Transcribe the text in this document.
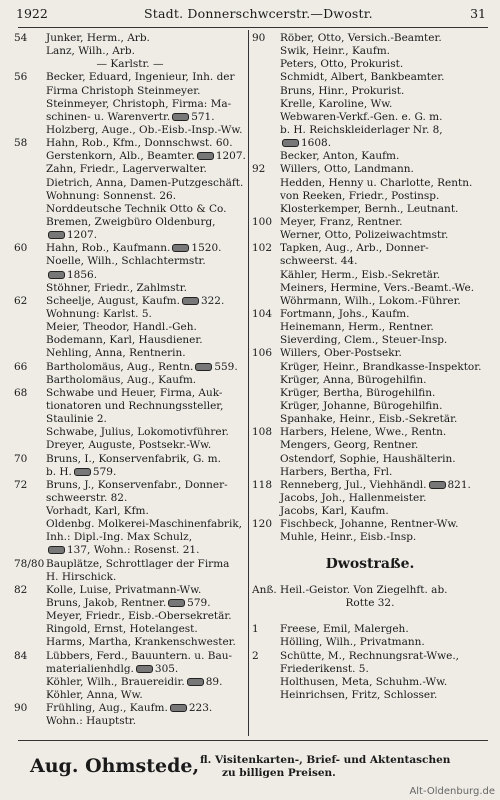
1922	Stadt. Donnerschwcerstr.—Dwostr.	31
54 Junker, Herm., Arb.
Lanz, Wilh., Arb.
— Karlstr. —
56 Becker, Eduard, Ingenieur, Inh. der
Firma Christoph Steinmeyer.
Steinmeyer, Christoph, Firma: Ma-
schinen- u. Warenvertr. 571.
Holzberg, Auge., Ob.-Eisb.-Insp.-Ww.
58 Hahn, Rob., Kfm., Donnschwst. 60.
Gerstenkorn, Alb., Beamter. 1207.
Zahn, Friedr., Lagerverwalter.
Dietrich, Anna, Damen-Putzgeschäft.
Wohnung: Sonnenst. 26.
Norddeutsche Technik Otto & Co.
Bremen, Zweigbüro Oldenburg,
1207.
60 Hahn, Rob., Kaufmann. 1520.
Noelle, Wilh., Schlachtermstr.
1856.
Stöhner, Friedr., Zahlmstr.
62 Scheelje, August, Kaufm. 322.
Wohnung: Karlst. 5.
Meier, Theodor, Handl.-Geh.
Bodemann, Karl, Hausdiener.
Nehling, Anna, Rentnerin.
66 Bartholomäus, Aug., Rentn. 559.
Bartholomäus, Aug., Kaufm.
68 Schwabe und Heuer, Firma, Auk-
tionatoren und Rechnungssteller,
Staulinie 2.
Schwabe, Julius, Lokomotivführer.
Dreyer, Auguste, Postsekr.-Ww.
70 Bruns, I., Konservenfabrik, G. m.
b. H. 579.
72 Bruns, J., Konservenfabr., Donner-
schweerstr. 82.
Vorhadt, Karl, Kfm.
Oldenbg. Molkerei-Maschinenfabrik,
Inh.: Dipl.-Ing. Max Schulz,
137, Wohn.: Rosenst. 21.
78/80 Bauplätze, Schrottlager der Firma
H. Hirschick.
82 Kolle, Luise, Privatmann-Ww.
Bruns, Jakob, Rentner. 579.
Meyer, Friedr., Eisb.-Obersekretär.
Ringold, Ernst, Hotelangest.
Harms, Martha, Krankenschwester.
84 Lübbers, Ferd., Bauuntern. u. Bau-
materialienhdlg. 305.
Köhler, Wilh., Brauereidir. 89.
Köhler, Anna, Ww.
90 Frühling, Aug., Kaufm. 223.
Wohn.: Hauptstr.
90 Röber, Otto, Versich.-Beamter.
Swik, Heinr., Kaufm.
Peters, Otto, Prokurist.
Schmidt, Albert, Bankbeamter.
Bruns, Hinr., Prokurist.
Krelle, Karoline, Ww.
Webwaren-Verkf.-Gen. e. G. m.
b. H. Reichskleiderlager Nr. 8,
1608.
Becker, Anton, Kaufm.
92 Willers, Otto, Landmann.
Hedden, Henny u. Charlotte, Rentn.
von Reeken, Friedr., Postinsp.
Klosterkemper, Bernh., Leutnant.
100 Meyer, Franz, Rentner.
Werner, Otto, Polizeiwachtmstr.
102 Tapken, Aug., Arb., Donner-
schweerst. 44.
Kähler, Herm., Eisb.-Sekretär.
Meiners, Hermine, Vers.-Beamt.-We.
Wöhrmann, Wilh., Lokom.-Führer.
104 Fortmann, Johs., Kaufm.
Heinemann, Herm., Rentner.
Sieverding, Clem., Steuer-Insp.
106 Willers, Ober-Postsekr.
Krüger, Heinr., Brandkasse-Inspektor.
Krüger, Anna, Bürogehilfin.
Krüger, Bertha, Bürogehilfin.
Krüger, Johanne, Bürogehilfin.
Spanhake, Heinr., Eisb.-Sekretär.
108 Harbers, Helene, Wwe., Rentn.
Mengers, Georg, Rentner.
Ostendorf, Sophie, Haushälterin.
Harbers, Bertha, Frl.
118 Renneberg, Jul., Viehhändl. 821.
Jacobs, Joh., Hallenmeister.
Jacobs, Karl, Kaufm.
120 Fischbeck, Johanne, Rentner-Ww.
Muhle, Heinr., Eisb.-Insp.
Dwostraße.
Anß. Heil.-Geistor. Von Ziegelhft. ab.
Rotte 32.
1 Freese, Emil, Malergeh.
Hölling, Wilh., Privatmann.
2 Schütte, M., Rechnungsrat-Wwe.,
Friederikenst. 5.
Holthusen, Meta, Schuhm.-Ww.
Heinrichsen, Fritz, Schlosser.
Aug. Ohmstede, fl. Visitenkarten-, Brief- und Aktentaschen
zu billigen Preisen.
Alt-Oldenburg.de
